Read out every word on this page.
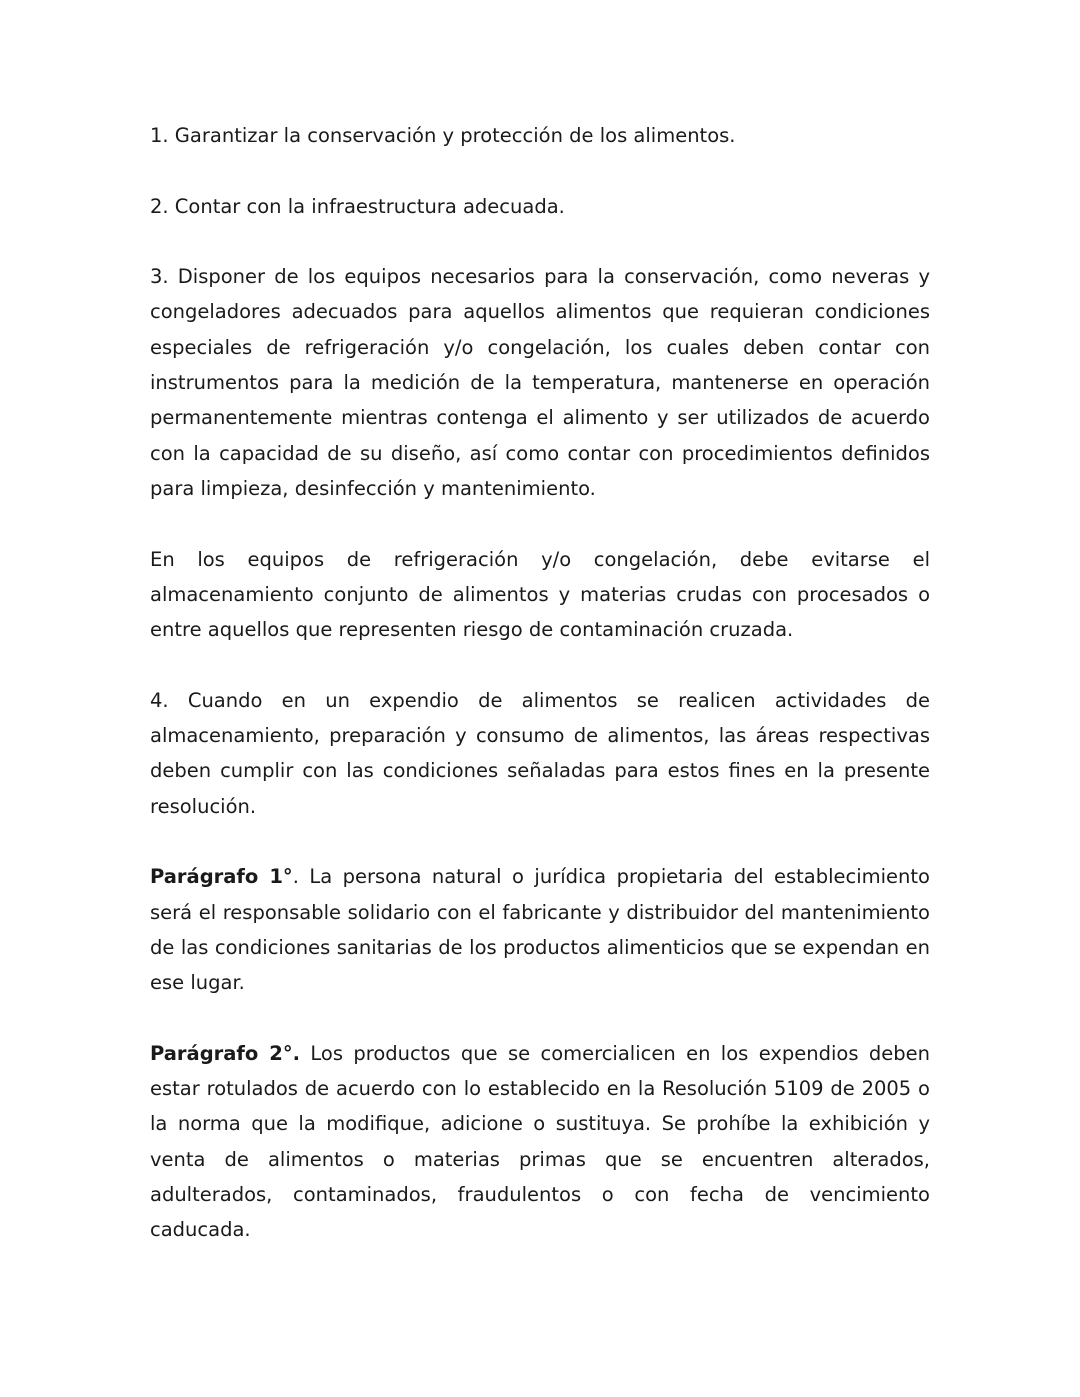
1. Garantizar la conservación y protección de los alimentos.

2. Contar con la infraestructura adecuada.

3. Disponer de los equipos necesarios para la conservación, como neveras y congeladores adecuados para aquellos alimentos que requieran condiciones especiales de refrigeración y/o congelación, los cuales deben contar con instrumentos para la medición de la temperatura, mantenerse en operación permanentemente mientras contenga el alimento y ser utilizados de acuerdo con la capacidad de su diseño, así como contar con procedimientos definidos para limpieza, desinfección y mantenimiento.

En los equipos de refrigeración y/o congelación, debe evitarse el almacenamiento conjunto de alimentos y materias crudas con procesados o entre aquellos que representen riesgo de contaminación cruzada.

4. Cuando en un expendio de alimentos se realicen actividades de almacenamiento, preparación y consumo de alimentos, las áreas respectivas deben cumplir con las condiciones señaladas para estos fines en la presente resolución.

Parágrafo 1°. La persona natural o jurídica propietaria del establecimiento será el responsable solidario con el fabricante y distribuidor del mantenimiento de las condiciones sanitarias de los productos alimenticios que se expendan en ese lugar.

Parágrafo 2°. Los productos que se comercialicen en los expendios deben estar rotulados de acuerdo con lo establecido en la Resolución 5109 de 2005 o la norma que la modifique, adicione o sustituya. Se prohíbe la exhibición y venta de alimentos o materias primas que se encuentren alterados, adulterados, contaminados, fraudulentos o con fecha de vencimiento caducada.
